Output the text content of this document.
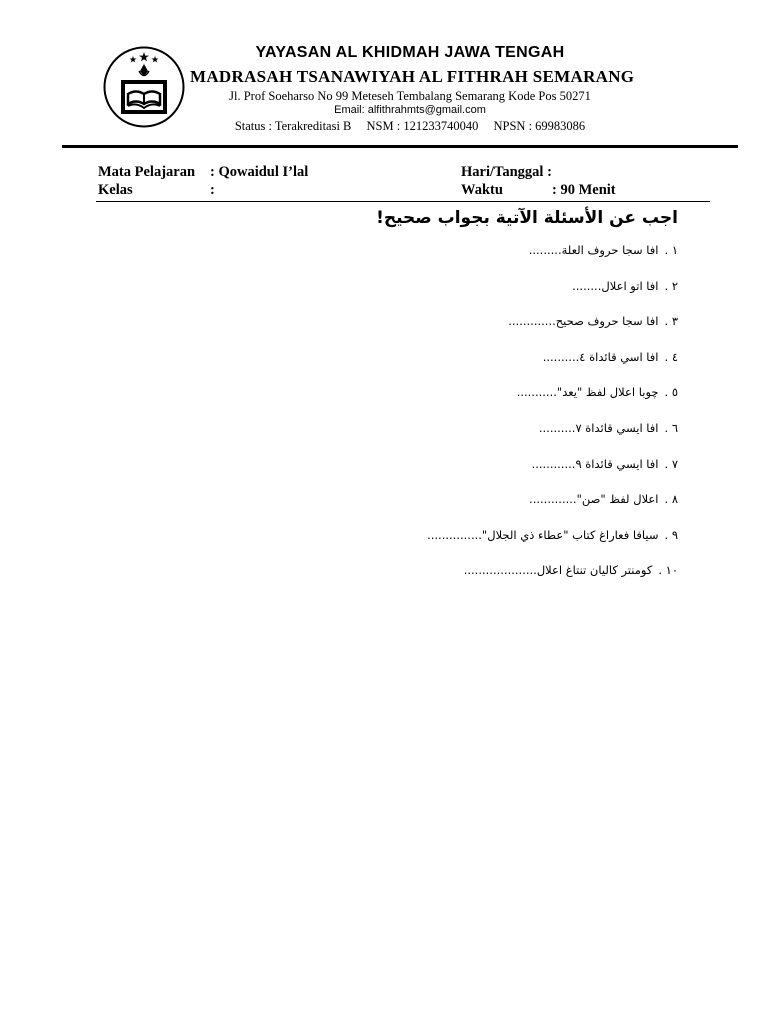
YAYASAN AL KHIDMAH JAWA TENGAH
MADRASAH TSANAWIYAH AL FITHRAH SEMARANG
Jl. Prof Soeharso No 99 Meteseh Tembalang Semarang Kode Pos 50271
Email: alfithrahmts@gmail.com
Status : Terakreditasi B NSM : 121233740040 NPSN : 69983086
Mata Pelajaran : Qowaidul I’lal
Kelas	:
Hari/Tanggal :
Waktu	: 90 Menit
اجب عن الأسئلة الآتية بجواب صحيح!
١ .افا سجا حروف العلة.........
٢ .افا اتو اعلال........
٣ .افا سجا حروف صحيح.............
٤ .افا اسي قائداة ٤..........
٥ .چوبا اعلال لفظ "يعد"...........
٦ .افا ايسي قائداة ٧..........
٧ .افا ايسي قائداة ٩............
٨ .اعلال لفظ "صن".............
٩ .سيافا فعاراغ كتاب "عطاء ذي الجلال"...............
١٠ .كومنتر كاليان تنتاغ اعلال....................
